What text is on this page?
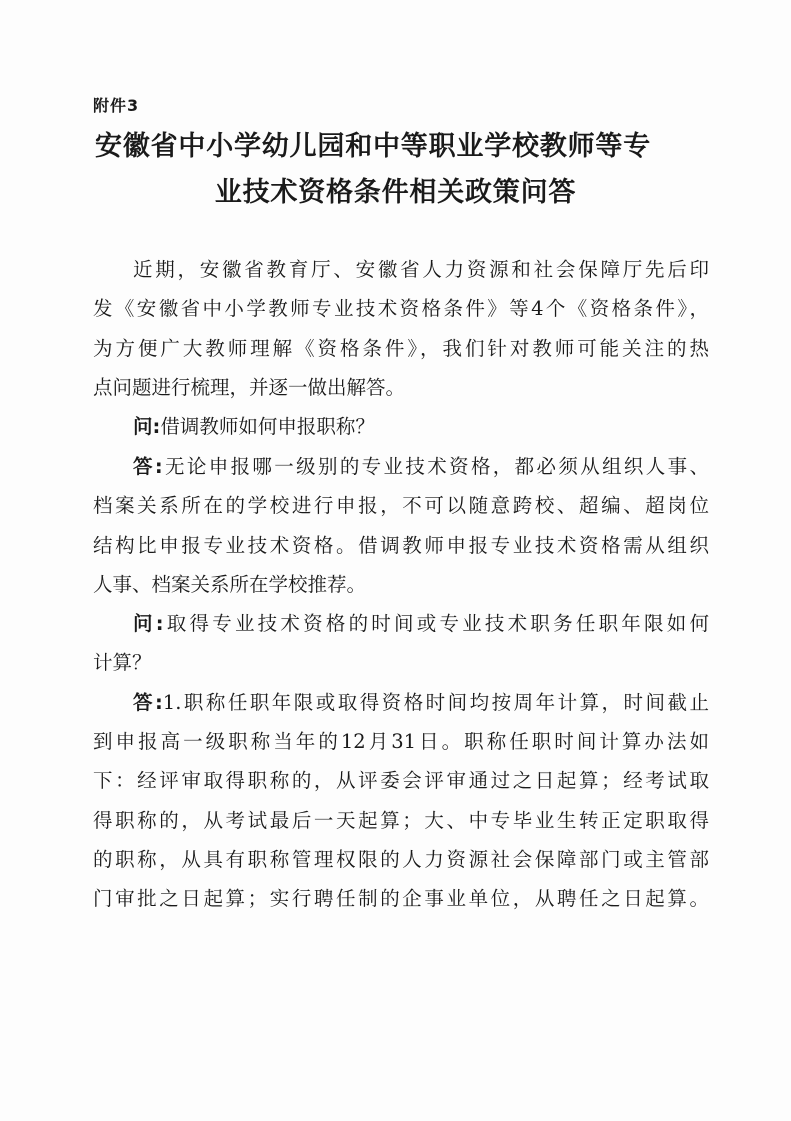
附件3
安徽省中小学幼儿园和中等职业学校教师等专
业技术资格条件相关政策问答
近期，安徽省教育厅、安徽省人力资源和社会保障厅先后印
发《安徽省中小学教师专业技术资格条件》等4个《资格条件》，
为方便广大教师理解《资格条件》，我们针对教师可能关注的热
点问题进行梳理，并逐一做出解答。
问:借调教师如何申报职称？
答:无论申报哪一级别的专业技术资格，都必须从组织人事、
档案关系所在的学校进行申报，不可以随意跨校、超编、超岗位
结构比申报专业技术资格。借调教师申报专业技术资格需从组织
人事、档案关系所在学校推荐。
问:取得专业技术资格的时间或专业技术职务任职年限如何
计算？
答:1.职称任职年限或取得资格时间均按周年计算，时间截止
到申报高一级职称当年的12月31日。职称任职时间计算办法如
下：经评审取得职称的，从评委会评审通过之日起算；经考试取
得职称的，从考试最后一天起算；大、中专毕业生转正定职取得
的职称，从具有职称管理权限的人力资源社会保障部门或主管部
门审批之日起算；实行聘任制的企事业单位，从聘任之日起算。
